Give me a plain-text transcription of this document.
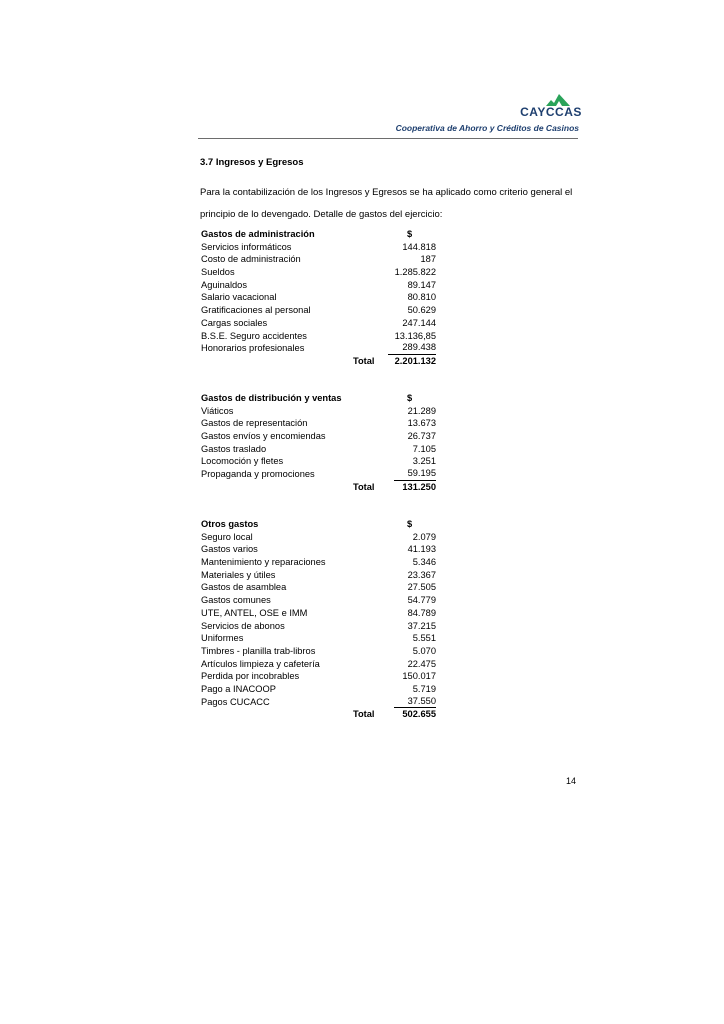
CAYCCAS
Cooperativa de Ahorro y Créditos de Casinos
3.7 Ingresos y Egresos
Para la contabilización de los Ingresos y Egresos se ha aplicado como criterio general el principio de lo devengado. Detalle de gastos del ejercicio:
Gastos de administración	$
Servicios informáticos	144.818
Costo de administración	187
Sueldos	1.285.822
Aguinaldos	89.147
Salario vacacional	80.810
Gratificaciones al personal	50.629
Cargas sociales	247.144
B.S.E. Seguro accidentes	13.136,85
Honorarios profesionales	289.438
Total 2.201.132
Gastos de distribución y ventas	$
Viáticos	21.289
Gastos de representación	13.673
Gastos envíos y encomiendas	26.737
Gastos traslado	7.105
Locomoción y fletes	3.251
Propaganda y promociones	59.195
Total	131.250
Otros gastos	$
Seguro local	2.079
Gastos varios	41.193
Mantenimiento y reparaciones	5.346
Materiales y útiles	23.367
Gastos de asamblea	27.505
Gastos comunes	54.779
UTE, ANTEL, OSE e IMM	84.789
Servicios de abonos	37.215
Uniformes	5.551
Timbres - planilla trab-libros	5.070
Artículos limpieza y cafetería	22.475
Perdida por incobrables	150.017
Pago a INACOOP	5.719
Pagos CUCACC	37.550
Total	502.655
14
